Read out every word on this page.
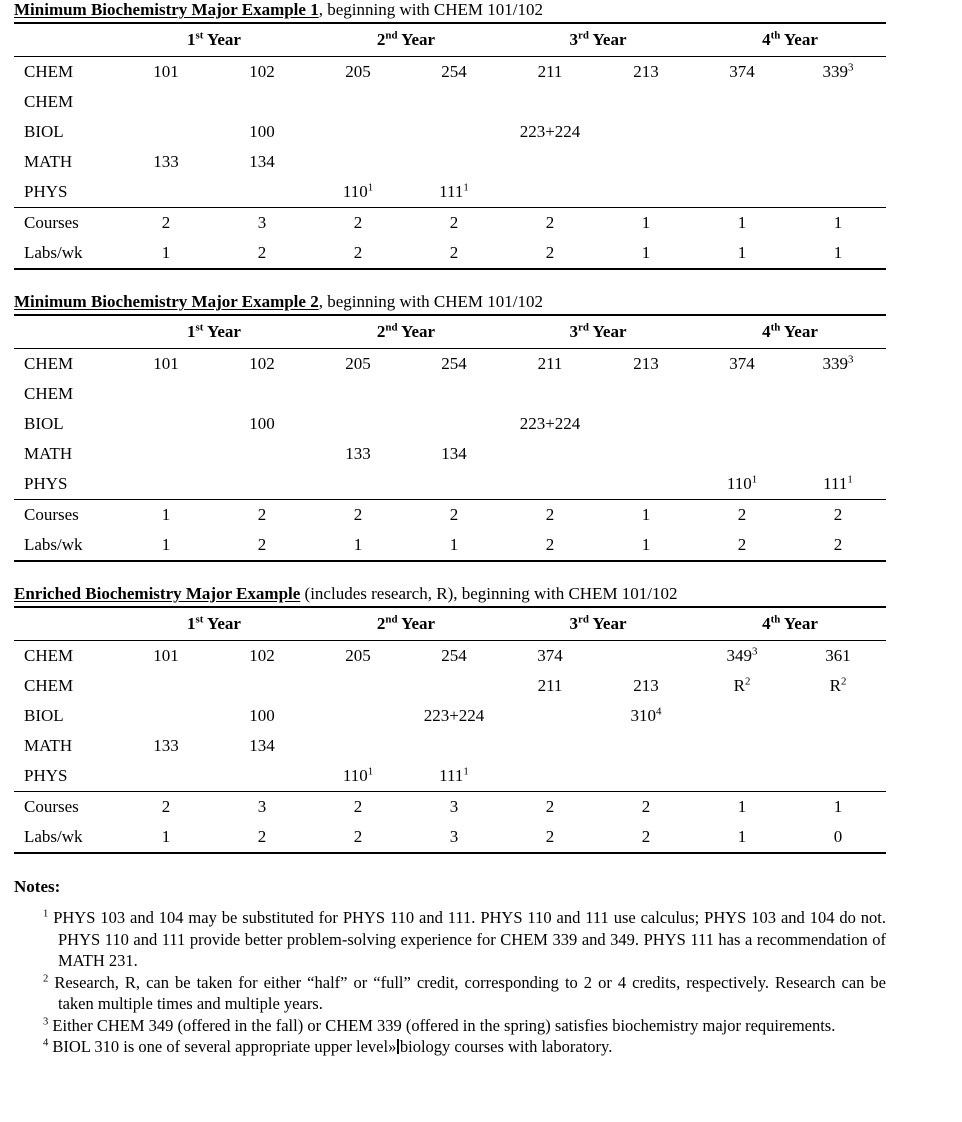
Minimum Biochemistry Major Example 1, beginning with CHEM 101/102
	1st Year		2nd Year		3rd Year		4th Year	
CHEM	101	102	205	254	211	213	374	$339^3$
CHEM								
BIOL		100			223+224			
MATH	133	134						
PHYS			$110^1$	$111^1$				
Courses	2	3	2	2	2	1	1	1
Labs/wk	1	2	2	2	2	1	1	1
Minimum Biochemistry Major Example 2, beginning with CHEM 101/102
	1st Year		2nd Year		3rd Year		4th Year	
CHEM	101	102	205	254	211	213	374	$339^3$
CHEM								
BIOL		100			223+224			
MATH			133	134				
PHYS							$110^1$	$111^1$
Courses	1	2	2	2	2	1	2	2
Labs/wk	1	2	1	1	2	1	2	2
Enriched Biochemistry Major Example (includes research, R), beginning with CHEM 101/102
	1st Year		2nd Year		3rd Year		4th Year	
CHEM	101	102	205	254	374		$349^3$	361
CHEM					211	213	$R^2$	$R^2$
BIOL		100		223+224		$310^4$		
MATH	133	134						
PHYS			$110^1$	$111^1$				
Courses	2	3	2	3	2	2	1	1
Labs/wk	1	2	2	3	2	2	1	0
Notes:
$^1$ PHYS 103 and 104 may be substituted for PHYS 110 and 111. PHYS 110 and 111 use calculus; PHYS 103 and 104 do not. PHYS 110 and 111 provide better problem-solving experience for CHEM 339 and 349. PHYS 111 has a recommendation of MATH 231.
$^2$ Research, R, can be taken for either “half” or “full” credit, corresponding to 2 or 4 credits, respectively. Research can be taken multiple times and multiple years.
$^3$ Either CHEM 349 (offered in the fall) or CHEM 339 (offered in the spring) satisfies biochemistry major requirements.
$^4$ BIOL 310 is one of several appropriate upper level» biology courses with laboratory.
